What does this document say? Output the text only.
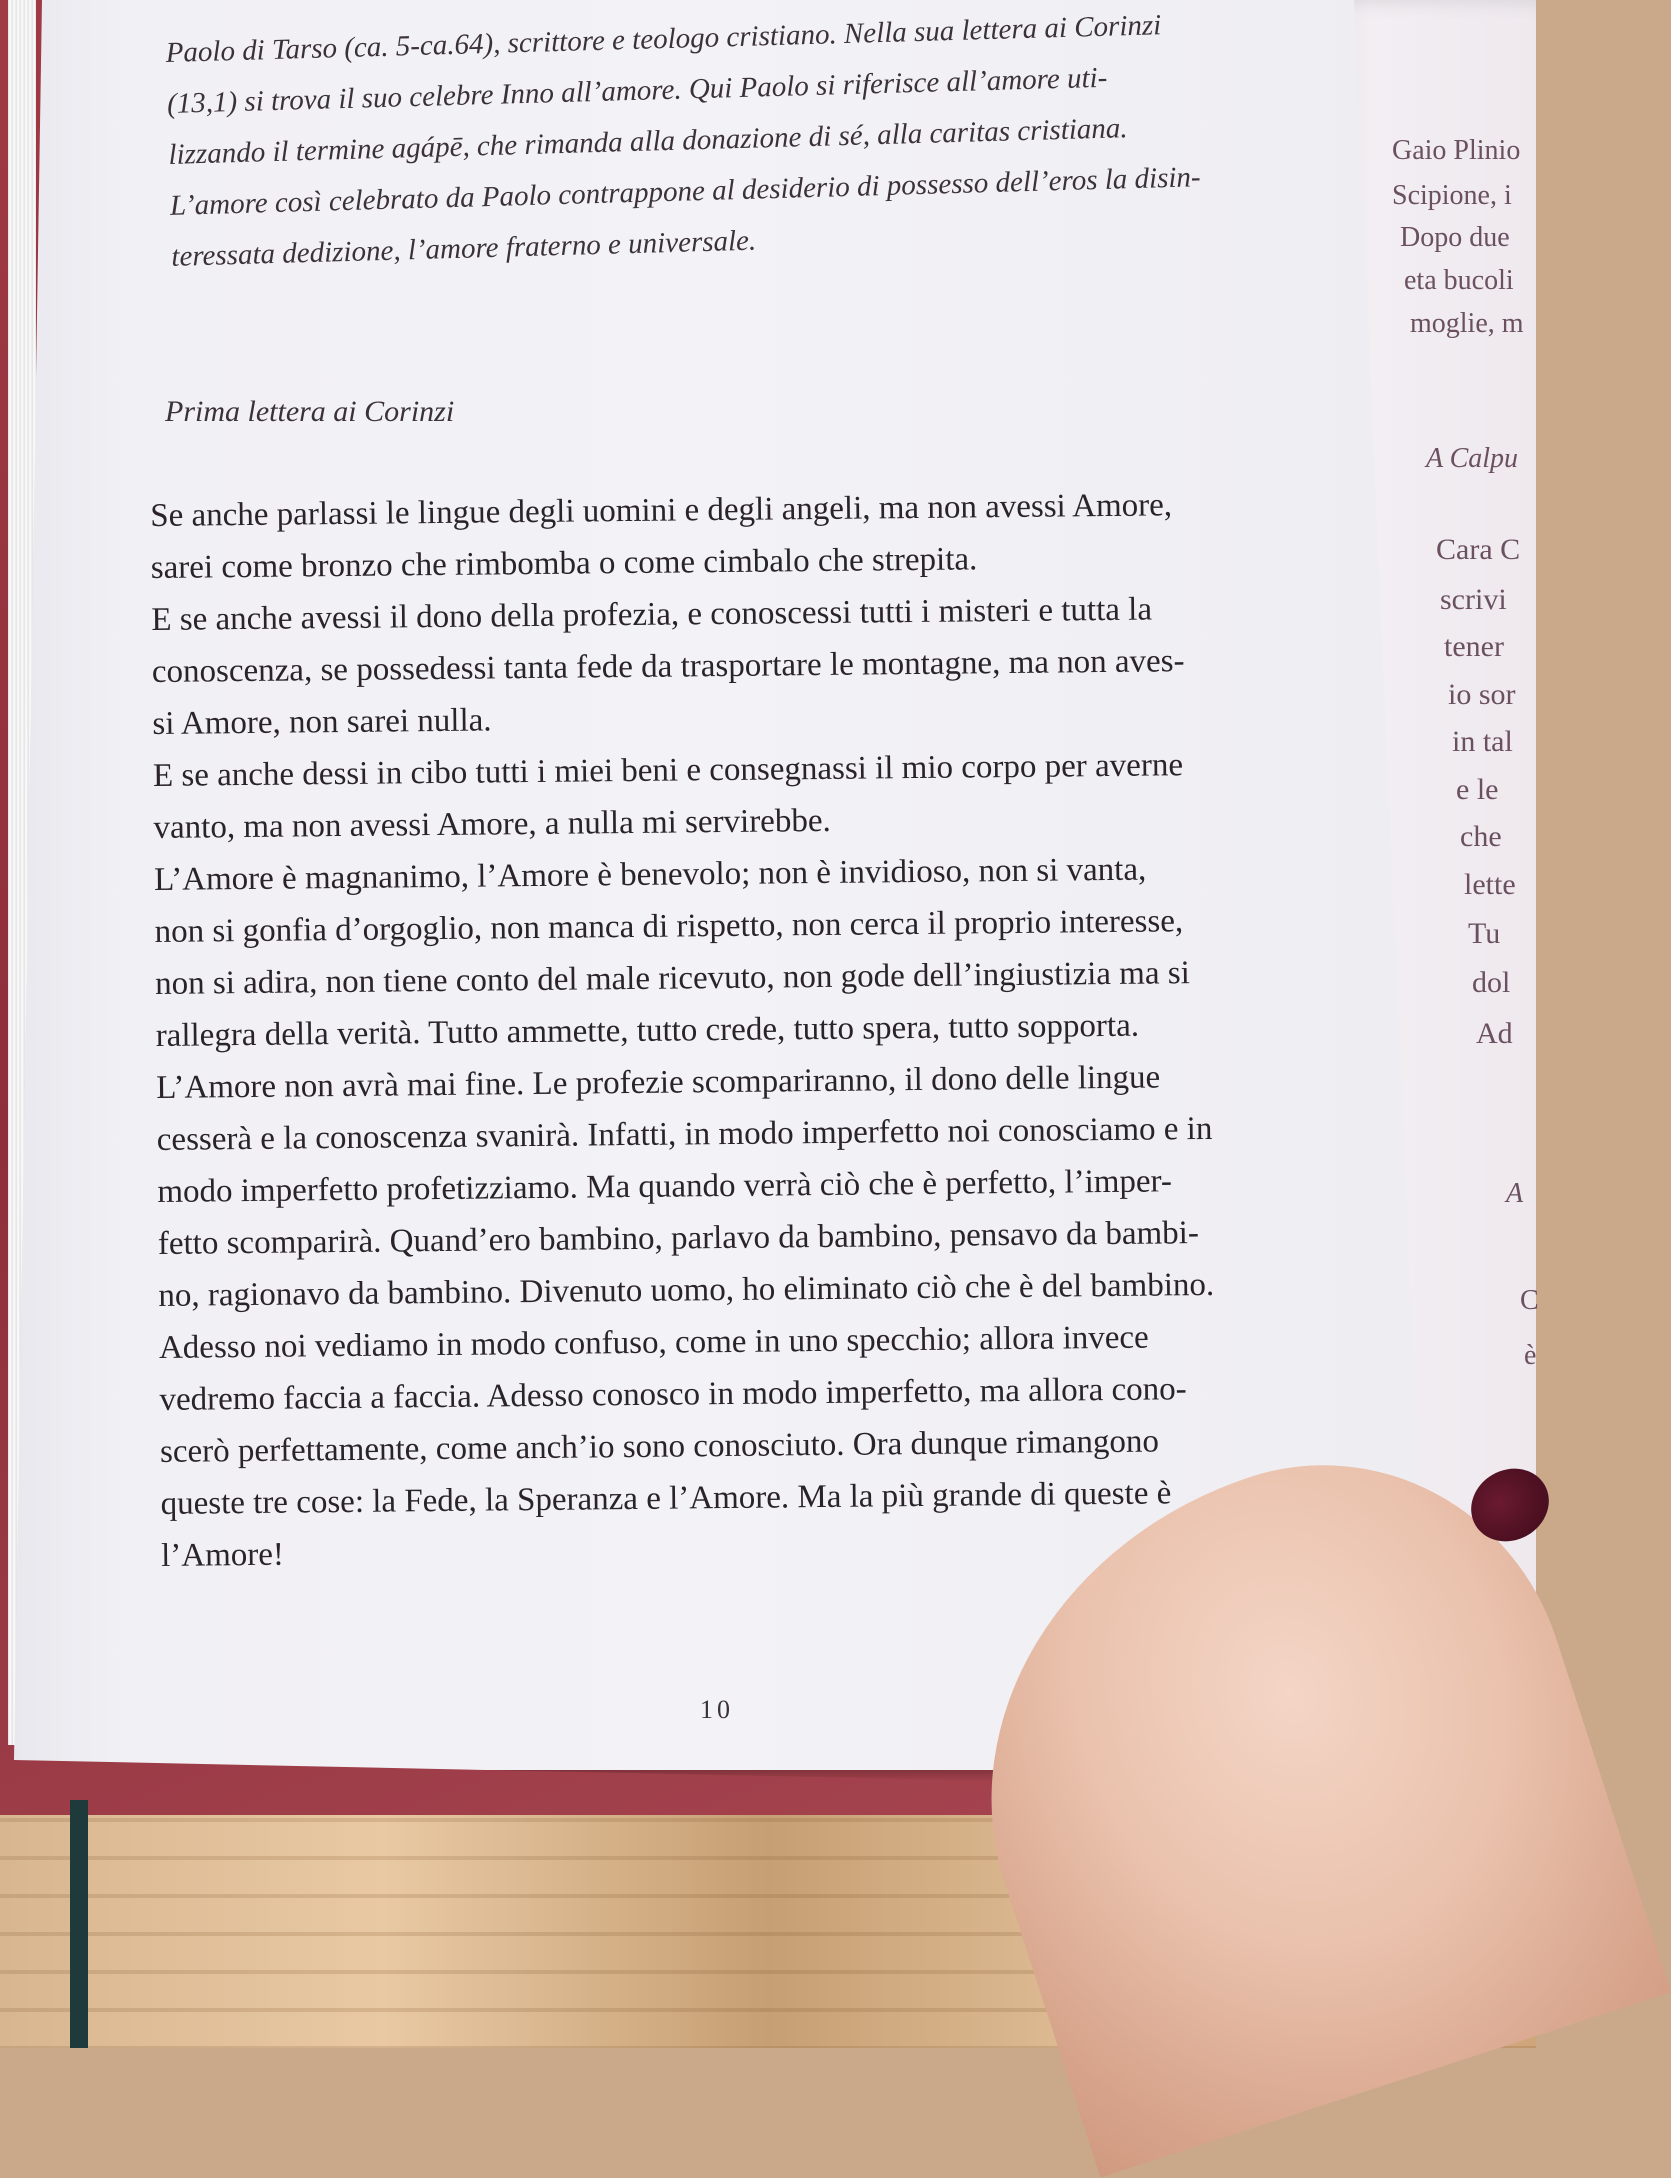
Gaio Plinio
Scipione, i
Dopo due
eta bucoli
moglie, m
A Calpu
Cara C
scrivi
tener
io sor
in tal
e le
che
lette
Tu
dol
Ad
A
C
è
Paolo di Tarso (ca. 5-ca.64), scrittore e teologo cristiano. Nella sua lettera ai Corinzi
(13,1) si trova il suo celebre Inno all’amore. Qui Paolo si riferisce all’amore uti-
lizzando il termine agápē, che rimanda alla donazione di sé, alla caritas cristiana.
L’amore così celebrato da Paolo contrappone al desiderio di possesso dell’eros la disin-
teressata dedizione, l’amore fraterno e universale.
Prima lettera ai Corinzi
Se anche parlassi le lingue degli uomini e degli angeli, ma non avessi Amore,
sarei come bronzo che rimbomba o come cimbalo che strepita.
E se anche avessi il dono della profezia, e conoscessi tutti i misteri e tutta la
conoscenza, se possedessi tanta fede da trasportare le montagne, ma non aves-
si Amore, non sarei nulla.
E se anche dessi in cibo tutti i miei beni e consegnassi il mio corpo per averne
vanto, ma non avessi Amore, a nulla mi servirebbe.
L’Amore è magnanimo, l’Amore è benevolo; non è invidioso, non si vanta,
non si gonfia d’orgoglio, non manca di rispetto, non cerca il proprio interesse,
non si adira, non tiene conto del male ricevuto, non gode dell’ingiustizia ma si
rallegra della verità. Tutto ammette, tutto crede, tutto spera, tutto sopporta.
L’Amore non avrà mai fine. Le profezie scompariranno, il dono delle lingue
cesserà e la conoscenza svanirà. Infatti, in modo imperfetto noi conosciamo e in
modo imperfetto profetizziamo. Ma quando verrà ciò che è perfetto, l’imper-
fetto scomparirà. Quand’ero bambino, parlavo da bambino, pensavo da bambi-
no, ragionavo da bambino. Divenuto uomo, ho eliminato ciò che è del bambino.
Adesso noi vediamo in modo confuso, come in uno specchio; allora invece
vedremo faccia a faccia. Adesso conosco in modo imperfetto, ma allora cono-
scerò perfettamente, come anch’io sono conosciuto. Ora dunque rimangono
queste tre cose: la Fede, la Speranza e l’Amore. Ma la più grande di queste è
l’Amore!
10
